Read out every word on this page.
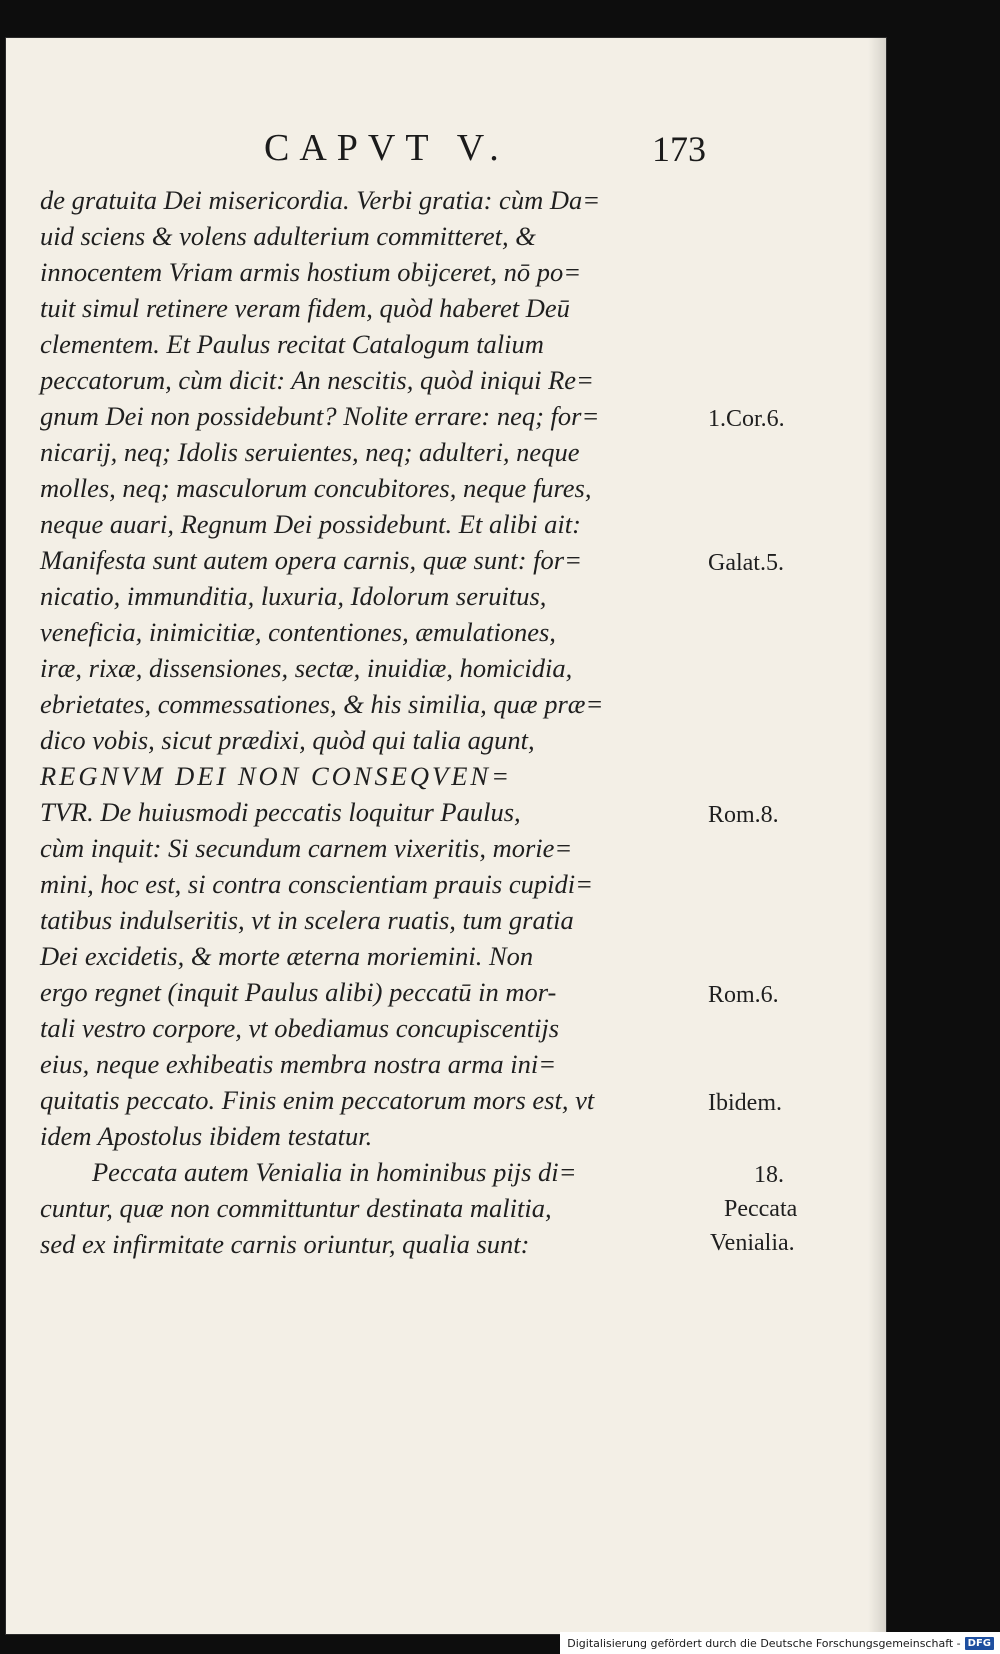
CAPVT V.	173
de gratuita Dei misericordia. Verbi gratia: cùm Da=
uid sciens & volens adulterium committeret, &
innocentem Vriam armis hostium obijceret, nō po=
tuit simul retinere veram fidem, quòd haberet Deū
clementem. Et Paulus recitat Catalogum talium
peccatorum, cùm dicit: An nescitis, quòd iniqui Re=
gnum Dei non possidebunt? Nolite errare: neq; for=
nicarij, neq; Idolis seruientes, neq; adulteri, neque
molles, neq; masculorum concubitores, neque fures,
neque auari, Regnum Dei possidebunt. Et alibi ait:
Manifesta sunt autem opera carnis, quæ sunt: for=
nicatio, immunditia, luxuria, Idolorum seruitus,
veneficia, inimicitiæ, contentiones, æmulationes,
iræ, rixæ, dissensiones, sectæ, inuidiæ, homicidia,
ebrietates, commessationes, & his similia, quæ præ=
dico vobis, sicut prædixi, quòd qui talia agunt,
REGNVM DEI NON CONSEQVEN=
TVR. De huiusmodi peccatis loquitur Paulus,
cùm inquit: Si secundum carnem vixeritis, morie=
mini, hoc est, si contra conscientiam prauis cupidi=
tatibus indulseritis, vt in scelera ruatis, tum gratia
Dei excidetis, & morte æterna moriemini. Non
ergo regnet (inquit Paulus alibi) peccatū in mor-
tali vestro corpore, vt obediamus concupiscentijs
eius, neque exhibeatis membra nostra arma ini=
quitatis peccato. Finis enim peccatorum mors est, vt
idem Apostolus ibidem testatur.
Peccata autem Venialia in hominibus pijs di=
cuntur, quæ non committuntur destinata malitia,
sed ex infirmitate carnis oriuntur, qualia sunt:
1.Cor.6.
Galat.5.
Rom.8.
Rom.6.
Ibidem.
18.
Peccata
Venialia.
Digitalisierung gefördert durch die Deutsche Forschungsgemeinschaft - DFG
